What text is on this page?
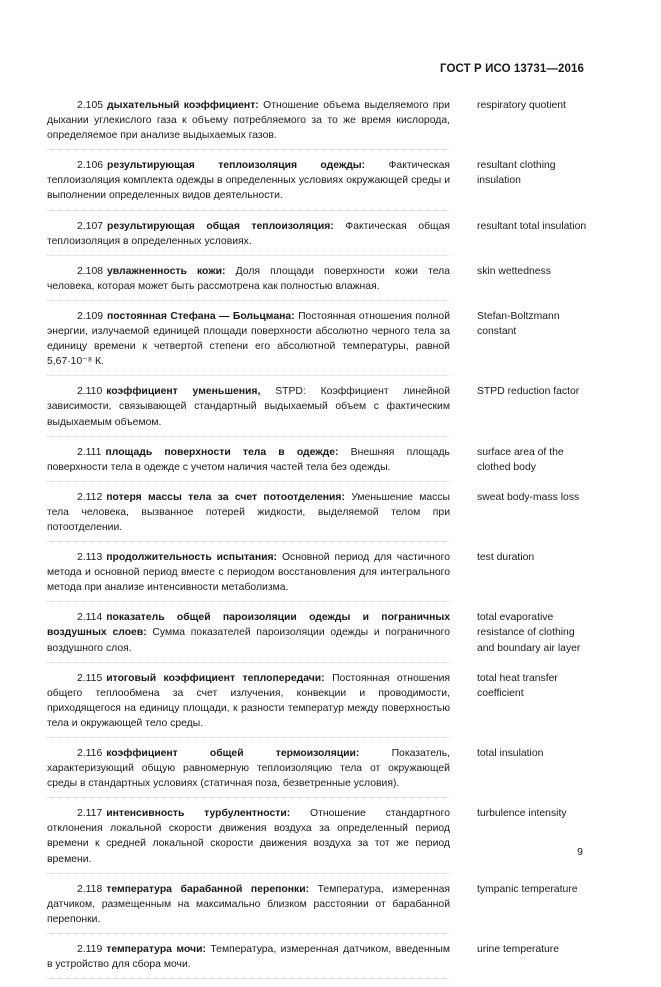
ГОСТ Р ИСО 13731—2016

2.105 дыхательный коэффициент: Отношение объема выделяемого при дыхании углекислого газа к объему потребляемого за то же время кислорода, определяемое при анализе выдыхаемых газов.

respiratory quotient

2.106 результирующая теплоизоляция одежды: Фактическая теплоизоляция комплекта одежды в определенных условиях окружающей среды и выполнении определенных видов деятельности.

resultant clothing insulation

2.107 результирующая общая теплоизоляция: Фактическая общая теплоизоляция в определенных условиях.

resultant total insulation

2.108 увлажненность кожи: Доля площади поверхности кожи тела человека, которая может быть рассмотрена как полностью влажная.

skin wettedness

2.109 постоянная Стефана — Больцмана: Постоянная отношения полной энергии, излучаемой единицей площади поверхности абсолютно черного тела за единицу времени к четвертой степени его абсолютной температуры, равной 5,67·10⁻⁸ К.

Stefan-Boltzmann constant

2.110 коэффициент уменьшения, STPD: Коэффициент линейной зависимости, связывающей стандартный выдыхаемый объем с фактическим выдыхаемым объемом.

STPD reduction factor

2.111 площадь поверхности тела в одежде: Внешняя площадь поверхности тела в одежде с учетом наличия частей тела без одежды.

surface area of the clothed body

2.112 потеря массы тела за счет потоотделения: Уменьшение массы тела человека, вызванное потерей жидкости, выделяемой телом при потоотделении.

sweat body-mass loss

2.113 продолжительность испытания: Основной период для частичного метода и основной период вместе с периодом восстановления для интегрального метода при анализе интенсивности метаболизма.

test duration

2.114 показатель общей пароизоляции одежды и пограничных воздушных слоев: Сумма показателей пароизоляции одежды и пограничного воздушного слоя.

total evaporative resistance of clothing and boundary air layer

2.115 итоговый коэффициент теплопередачи: Постоянная отношения общего теплообмена за счет излучения, конвекции и проводимости, приходящегося на единицу площади, к разности температур между поверхностью тела и окружающей тело среды.

total heat transfer coefficient

2.116 коэффициент общей термоизоляции:	Показатель, характеризующий общую равномерную теплоизоляцию тела от окружающей среды в стандартных условиях (статичная поза, безветренные условия).

total insulation

2.117 интенсивность турбулентности: Отношение стандартного отклонения локальной скорости движения воздуха за определенный период времени к средней локальной скорости движения воздуха за тот же период времени.

turbulence intensity

2.118 температура барабанной перепонки: Температура, измеренная датчиком, размещенным на максимально близком расстоянии от барабанной перепонки.

tympanic temperature

2.119 температура мочи: Температура, измеренная датчиком, введенным в устройство для сбора мочи.

urine temperature

9
